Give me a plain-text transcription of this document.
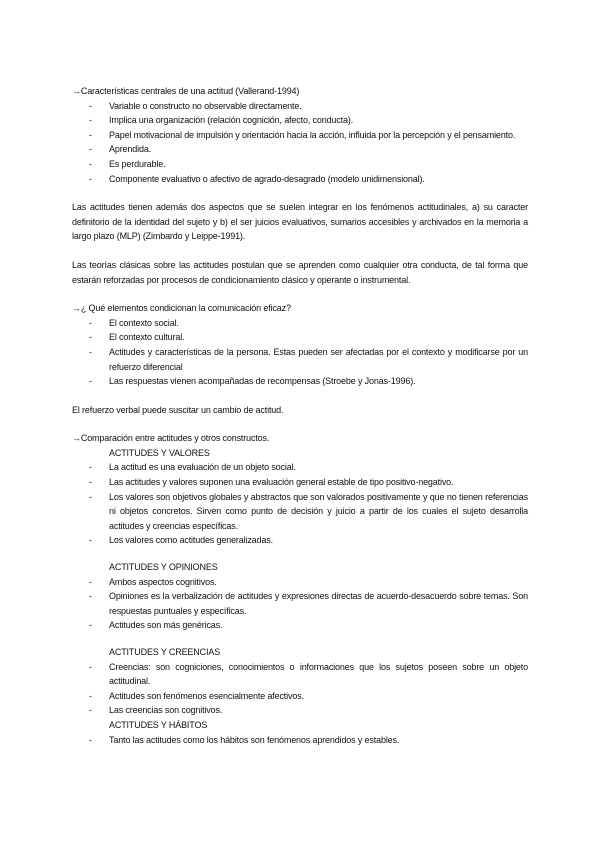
→Características centrales de una actitud (Vallerand-1994)

- Variable o constructo no observable directamente.
- Implica una organización (relación cognición, afecto, conducta).
- Papel motivacional de impulsión y orientación hacia la acción, influida por la percepción y el pensamiento.
- Aprendida.
- Es perdurable.
- Componente evaluativo o afectivo de agrado-desagrado (modelo unidimensional).

Las actitudes tienen además dos aspectos que se suelen integrar en los fenómenos actitudinales, a) su caracter definitorio de la identidad del sujeto y b) el ser juicios evaluativos, sumarios accesibles y archivados en la memoria a largo plazo (MLP) (Zimbardo y Leippe-1991).

Las teorías clásicas sobre las actitudes postulan que se aprenden como cualquier otra conducta, de tal forma que estarán reforzadas por procesos de condicionamiento clásico y operante o instrumental.

→¿ Qué elementos condicionan la comunicación eficaz?

- El contexto social.
- El contexto cultural.
- Actitudes y características de la persona. Estas pueden ser afectadas por el contexto y modificarse por un refuerzo diferencial
- Las respuestas vienen acompañadas de recompensas (Stroebe y Jonas-1996).

El refuerzo verbal puede suscitar un cambio de actitud.

→Comparación entre actitudes y otros constructos.

ACTITUDES Y VALORES

- La actitud es una evaluación de un objeto social.
- Las actitudes y valores suponen una evaluación general estable de tipo positivo-negativo.
- Los valores son objetivos globales y abstractos que son valorados positivamente y que no tienen referencias ni objetos concretos. Sirven como punto de decisión y juicio a partir de los cuales el sujeto desarrolla actitudes y creencias específicas.
- Los valores como actitudes generalizadas.

ACTITUDES Y OPINIONES

- Ambos aspectos cognitivos.
- Opiniones es la verbalización de actitudes y expresiones directas de acuerdo-desacuerdo sobre temas. Son respuestas puntuales y específicas.
- Actitudes son más genéricas.

ACTITUDES Y CREENCIAS

- Creencias: son cogniciones, conocimientos o informaciones que los sujetos poseen sobre un objeto actitudinal.
- Actitudes son fenómenos esencialmente afectivos.
- Las creencias son cognitivos.

ACTITUDES Y HÁBITOS

- Tanto las actitudes como los hábitos son fenómenos aprendidos y estables.
